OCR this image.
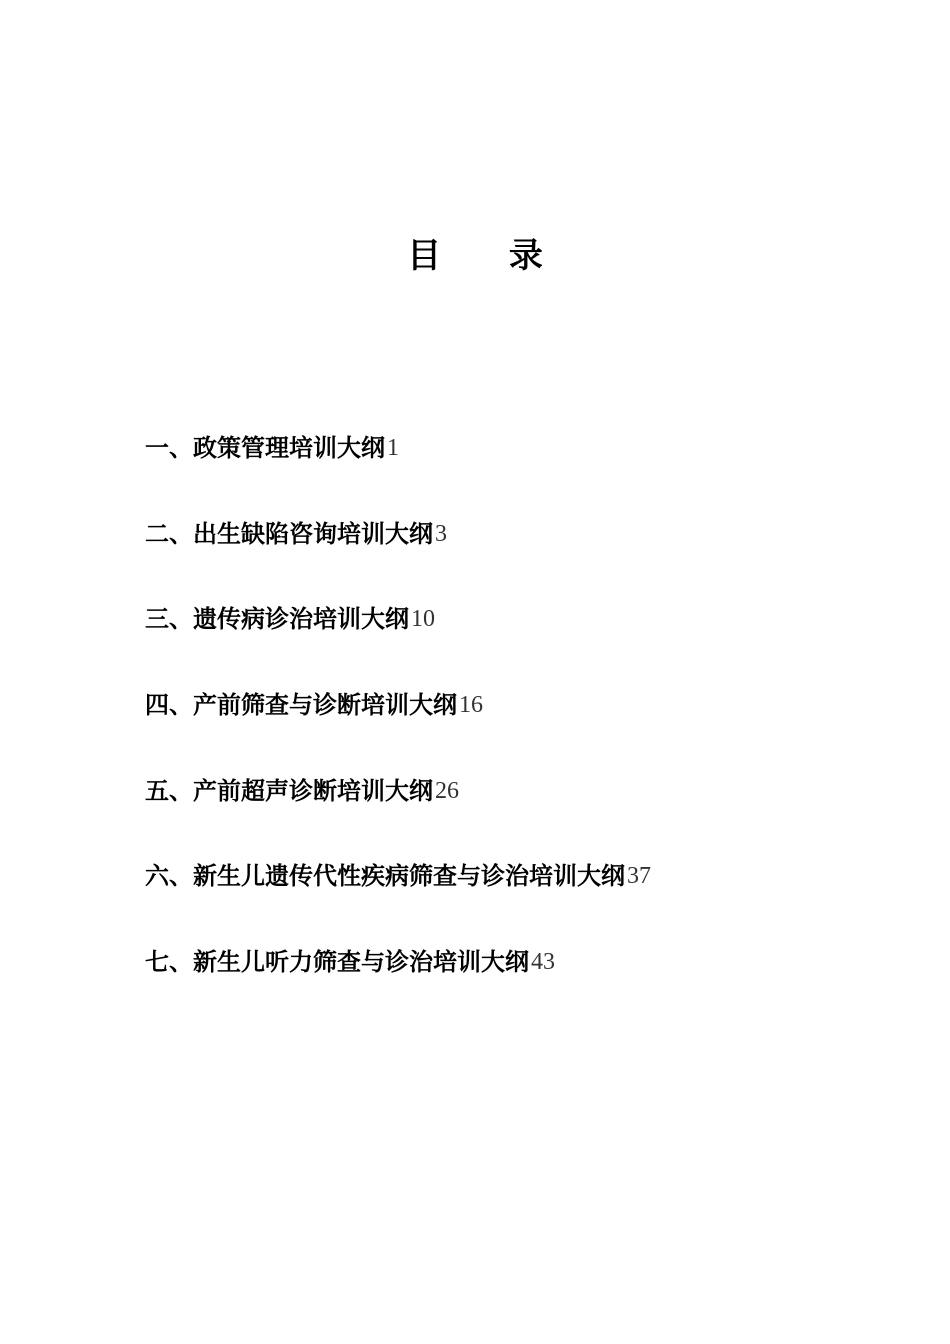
目 录
一、政策管理培训大纲 1
二、出生缺陷咨询培训大纲 3
三、遗传病诊治培训大纲 10
四、产前筛查与诊断培训大纲 16
五、产前超声诊断培训大纲 26
六、新生儿遗传代性疾病筛查与诊治培训大纲 37
七、新生儿听力筛查与诊治培训大纲 43
